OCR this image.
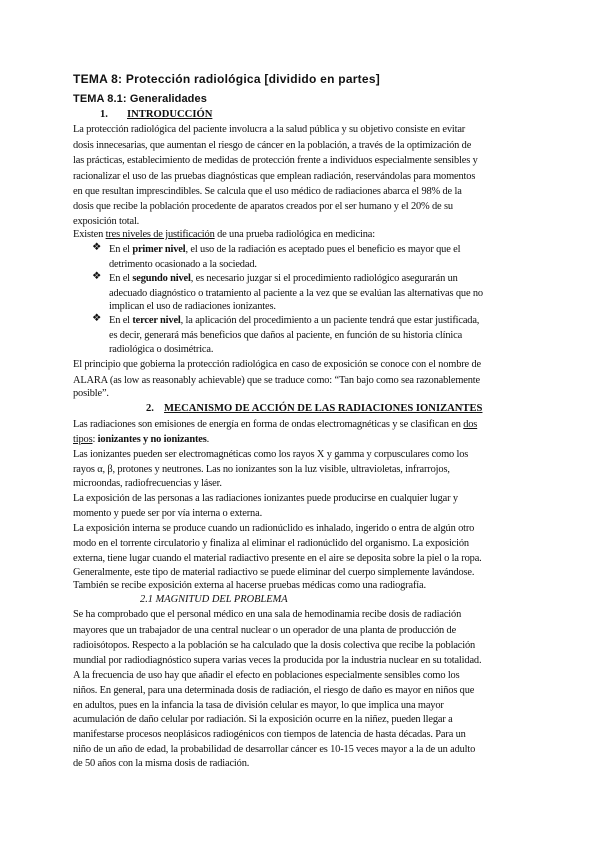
TEMA 8: Protección radiológica [dividido en partes]
TEMA 8.1: Generalidades
1. INTRODUCCIÓN
La protección radiológica del paciente involucra a la salud pública y su objetivo consiste en evitar
dosis innecesarias, que aumentan el riesgo de cáncer en la población, a través de la optimización de
las prácticas, establecimiento de medidas de protección frente a individuos especialmente sensibles y
racionalizar el uso de las pruebas diagnósticas que emplean radiación, reservándolas para momentos
en que resultan imprescindibles. Se calcula que el uso médico de radiaciones abarca el 98% de la
dosis que recibe la población procedente de aparatos creados por el ser humano y el 20% de su
exposición total.
Existen tres niveles de justificación de una prueba radiológica en medicina:
❖ En el primer nivel, el uso de la radiación es aceptado pues el beneficio es mayor que el
detrimento ocasionado a la sociedad.
❖ En el segundo nivel, es necesario juzgar si el procedimiento radiológico asegurarán un
adecuado diagnóstico o tratamiento al paciente a la vez que se evalúan las alternativas que no
implican el uso de radiaciones ionizantes.
❖ En el tercer nivel, la aplicación del procedimiento a un paciente tendrá que estar justificada,
es decir, generará más beneficios que daños al paciente, en función de su historia clínica
radiológica o dosimétrica.
El principio que gobierna la protección radiológica en caso de exposición se conoce con el nombre de
ALARA (as low as reasonably achievable) que se traduce como: “Tan bajo como sea razonablemente
posible”.
2. MECANISMO DE ACCIÓN DE LAS RADIACIONES IONIZANTES
Las radiaciones son emisiones de energía en forma de ondas electromagnéticas y se clasifican en dos
tipos: ionizantes y no ionizantes.
Las ionizantes pueden ser electromagnéticas como los rayos X y gamma y corpusculares como los
rayos α, β, protones y neutrones. Las no ionizantes son la luz visible, ultravioletas, infrarrojos,
microondas, radiofrecuencias y láser.
La exposición de las personas a las radiaciones ionizantes puede producirse en cualquier lugar y
momento y puede ser por vía interna o externa.
La exposición interna se produce cuando un radionúclido es inhalado, ingerido o entra de algún otro
modo en el torrente circulatorio y finaliza al eliminar el radionúclido del organismo. La exposición
externa, tiene lugar cuando el material radiactivo presente en el aire se deposita sobre la piel o la ropa.
Generalmente, este tipo de material radiactivo se puede eliminar del cuerpo simplemente lavándose.
También se recibe exposición externa al hacerse pruebas médicas como una radiografía.
2.1 MAGNITUD DEL PROBLEMA
Se ha comprobado que el personal médico en una sala de hemodinamia recibe dosis de radiación
mayores que un trabajador de una central nuclear o un operador de una planta de producción de
radioisótopos. Respecto a la población se ha calculado que la dosis colectiva que recibe la población
mundial por radiodiagnóstico supera varias veces la producida por la industria nuclear en su totalidad.
A la frecuencia de uso hay que añadir el efecto en poblaciones especialmente sensibles como los
niños. En general, para una determinada dosis de radiación, el riesgo de daño es mayor en niños que
en adultos, pues en la infancia la tasa de división celular es mayor, lo que implica una mayor
acumulación de daño celular por radiación. Si la exposición ocurre en la niñez, pueden llegar a
manifestarse procesos neoplásicos radiogénicos con tiempos de latencia de hasta décadas. Para un
niño de un año de edad, la probabilidad de desarrollar cáncer es 10-15 veces mayor a la de un adulto
de 50 años con la misma dosis de radiación.
